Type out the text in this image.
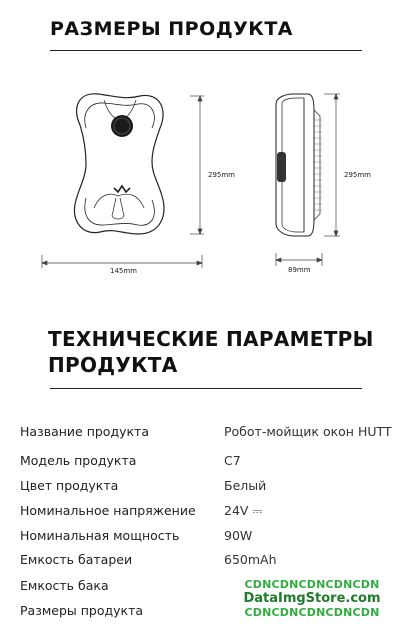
РАЗМЕРЫ ПРОДУКТА
295mm
145mm
295mm
89mm
ТЕХНИЧЕСКИЕ ПАРАМЕТРЫ
ПРОДУКТА
Название продукта	Робот-мойщик окон HUTT
Модель продукта	C7
Цвет продукта	Белый
Номинальное напряжение 24V ⎓
Номинальная мощность	90W
Емкость батареи	650mAh
Емкость бака
Размеры продукта
CDNCDNCDNCDNCDN
DataImgStore.com
CDNCDNCDNCDNCDN
